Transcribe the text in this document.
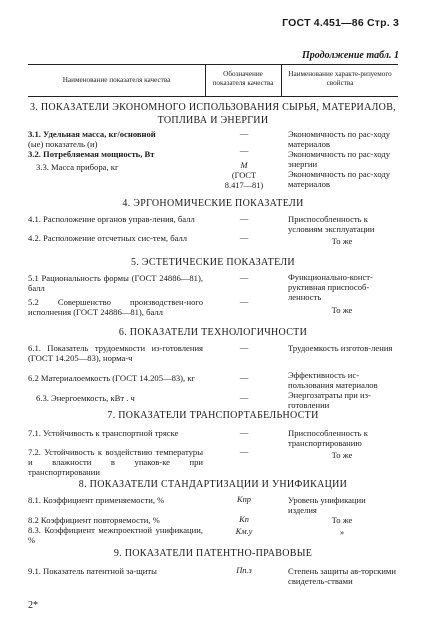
ГОСТ 4.451—86 Стр. 3
Продолжение табл. 1
Наименование показателя качества
Обозначение показателя качества
Наименование характе-ризуемого свойства
3. ПОКАЗАТЕЛИ ЭКОНОМНОГО ИСПОЛЬЗОВАНИЯ СЫРЬЯ, МАТЕРИАЛОВ, ТОПЛИВА И ЭНЕРГИИ
3.1. Удельная масса, кг/основной
(ые) показатель (и)
3.2. Потребляемая мощность, Вт
3.3. Масса прибора, кг
—
—
M
(ГОСТ
8.417—81)
Экономичность по рас-ходу материалов
Экономичность по рас-ходу энергии
Экономичность по рас-ходу материалов
4. ЭРГОНОМИЧЕСКИЕ ПОКАЗАТЕЛИ
4.1. Расположение органов управ-ления, балл
4.2. Расположение отсчетных сис-тем, балл
—
—
Приспособленность к условиям эксплуатации
То же
5. ЭСТЕТИЧЕСКИЕ ПОКАЗАТЕЛИ
5.1 Рациональность формы (ГОСТ 24886—81), балл
5.2 Совершенство производствен-ного исполнения (ГОСТ 24886—81), балл
—
—
Функционально-конст-руктивная приспособ-ленность
То же
6. ПОКАЗАТЕЛИ ТЕХНОЛОГИЧНОСТИ
6.1. Показатель трудоемкости из-готовления (ГОСТ 14.205—83), норма-ч
6.2 Материалоемкость (ГОСТ 14.205—83), кг
6.3. Энергоемкость, кВт . ч
—
—
—
Трудоемкость изготов-ления
Эффективность ис-пользования материалов
Энергозатраты при из-готовлении
7. ПОКАЗАТЕЛИ ТРАНСПОРТАБЕЛЬНОСТИ
7.1. Устойчивость к транспортной тряске
7.2. Устойчивость к воздействию температуры и влажности в упаков-ке при транспортировании
—
—
Приспособленность к транспортированию
То же
8. ПОКАЗАТЕЛИ СТАНДАРТИЗАЦИИ И УНИФИКАЦИИ
8.1. Коэффициент применяемости, %
8.2 Коэффициент повторяемости, %
8.3. Коэффициент межпроектной унификации, %
Kпр
Kп
Kм.у
Уровень унификации изделия
То же
»
9. ПОКАЗАТЕЛИ ПАТЕНТНО-ПРАВОВЫЕ
9.1. Показатель патентной за-щиты	Пп.з	Степень защиты ав-торскими свидетель-ствами
2*
